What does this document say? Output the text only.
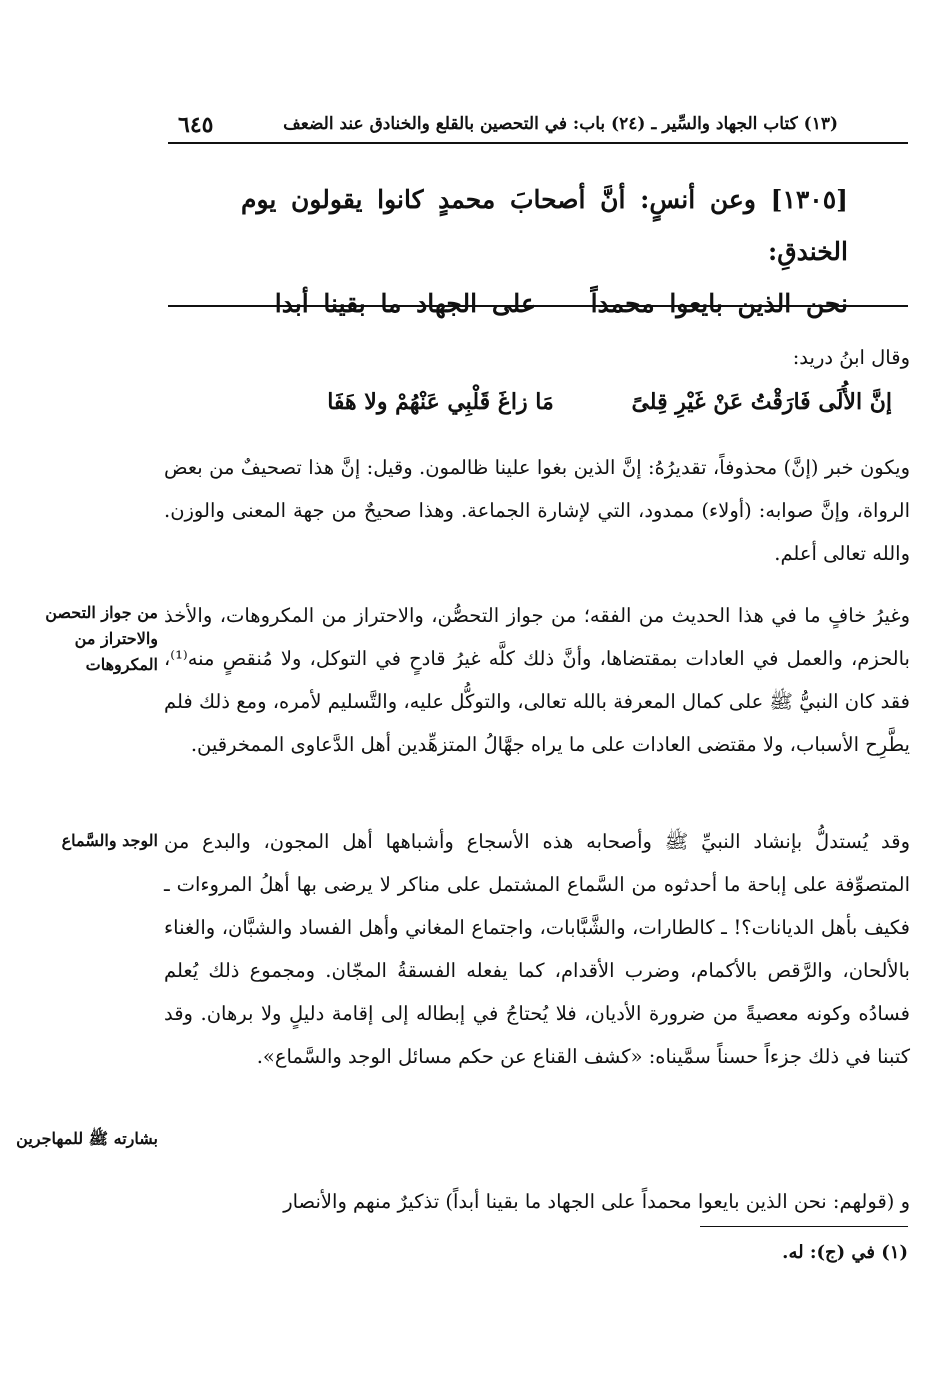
(١٣) كتاب الجهاد والسِّير ـ (٢٤) باب: في التحصين بالقلع والخنادق عند الضعف
٦٤٥
[١٣٠٥] وعن أنسٍ: أنَّ أصحابَ محمدٍ كانوا يقولون يوم الخندقِ:
نحن الذين بايعوا محمداً على الجهاد ما بقينا أبدا

وقال ابنُ دريد:

إنَّ الأُلَى فَارَقْتُ عَنْ غَيْرِ قِلىً مَا زاغَ قَلْبِي عَنْهُمْ ولا هَفَا

ويكون خبر (إنَّ) محذوفاً، تقديرُهُ: إنَّ الذين بغوا علينا ظالمون. وقيل: إنَّ هذا تصحيفٌ من بعض الرواة، وإنَّ صوابه: (أولاء) ممدود، التي لإشارة الجماعة. وهذا صحيحٌ من جهة المعنى والوزن. والله تعالى أعلم.

وغيرُ خافٍ ما في هذا الحديث من الفقه؛ من جواز التحصُّن، والاحتراز من المكروهات، والأخذ بالحزم، والعمل في العادات بمقتضاها، وأنَّ ذلك كلَّه غيرُ قادحٍ في التوكل، ولا مُنقصٍ منه⁽¹⁾، فقد كان النبيُّ ﷺ على كمال المعرفة بالله تعالى، والتوكُّل عليه، والتَّسليم لأمره، ومع ذلك فلم يطَّرِح الأسباب، ولا مقتضى العادات على ما يراه جهَّالُ المتزهِّدين أهل الدَّعاوى الممخرقين.

وقد يُستدلُّ بإنشاد النبيِّ ﷺ وأصحابه هذه الأسجاع وأشباهها أهل المجون، والبدع من المتصوِّفة على إباحة ما أحدثوه من السَّماع المشتمل على مناكر لا يرضى بها أهلُ المروءات ـ فكيف بأهل الديانات؟! ـ كالطارات، والشَّبَّابات، واجتماع المغاني وأهل الفساد والشبَّان، والغناء بالألحان، والرَّقص بالأكمام، وضرب الأقدام، كما يفعله الفسقةُ المجّان. ومجموع ذلك يُعلم فسادُه وكونه معصيةً من ضرورة الأديان، فلا يُحتاجُ في إبطاله إلى إقامة دليلٍ ولا برهان. وقد كتبنا في ذلك جزءاً حسناً سمَّيناه: «كشف القناع عن حكم مسائل الوجد والسَّماع».

و (قولهم: نحن الذين بايعوا محمداً على الجهاد ما بقينا أبداً) تذكيرٌ منهم والأنصار

من جواز التحصن والاحتراز من المكروهات
الوجد والسَّماع
بشارته ﷺ للمهاجرين
(١) في (ج): له.
